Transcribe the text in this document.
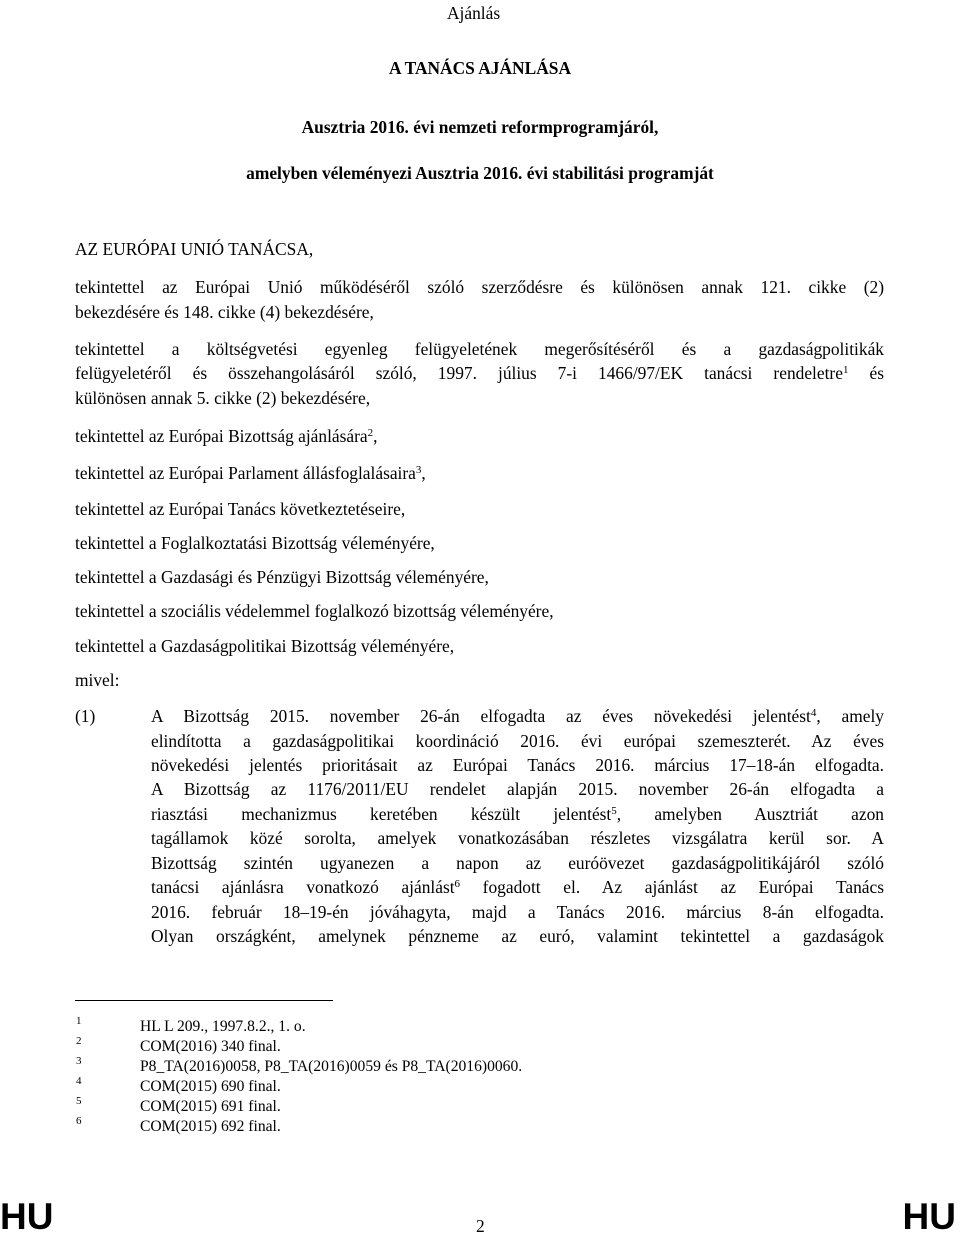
Ajánlás
A TANÁCS AJÁNLÁSA
Ausztria 2016. évi nemzeti reformprogramjáról,
amelyben véleményezi Ausztria 2016. évi stabilitási programját
AZ EURÓPAI UNIÓ TANÁCSA,
tekintettel az Európai Unió működéséről szóló szerződésre és különösen annak 121. cikke (2)
bekezdésére és 148. cikke (4) bekezdésére,
tekintettel a költségvetési egyenleg felügyeletének megerősítéséről és a gazdaságpolitikák
felügyeletéről és összehangolásáról szóló, 1997. július 7-i 1466/97/EK tanácsi rendeletre$^1$ és
különösen annak 5. cikke (2) bekezdésére,
tekintettel az Európai Bizottság ajánlására$^2$,
tekintettel az Európai Parlament állásfoglalásaira$^3$,
tekintettel az Európai Tanács következtetéseire,
tekintettel a Foglalkoztatási Bizottság véleményére,
tekintettel a Gazdasági és Pénzügyi Bizottság véleményére,
tekintettel a szociális védelemmel foglalkozó bizottság véleményére,
tekintettel a Gazdaságpolitikai Bizottság véleményére,
mivel:
(1)	A Bizottság 2015. november 26-án elfogadta az éves növekedési jelentést$^4$, amely
elindította a gazdaságpolitikai koordináció 2016. évi európai szemeszterét. Az éves
növekedési jelentés prioritásait az Európai Tanács 2016. március 17–18-án elfogadta.
A Bizottság az 1176/2011/EU rendelet alapján 2015. november 26-án elfogadta a
riasztási mechanizmus keretében készült jelentést$^5$, amelyben Ausztriát azon
tagállamok közé sorolta, amelyek vonatkozásában részletes vizsgálatra kerül sor. A
Bizottság szintén ugyanezen a napon az euróövezet gazdaságpolitikájáról szóló
tanácsi ajánlásra vonatkozó ajánlást$^6$ fogadott el. Az ajánlást az Európai Tanács
2016. február 18–19-én jóváhagyta, majd a Tanács 2016. március 8-án elfogadta.
Olyan országként, amelynek pénzneme az euró, valamint tekintettel a gazdaságok
1	HL L 209., 1997.8.2., 1. o.
2	COM(2016) 340 final.
3	P8_TA(2016)0058, P8_TA(2016)0059 és P8_TA(2016)0060.
4	COM(2015) 690 final.
5	COM(2015) 691 final.
6	COM(2015) 692 final.
HU	2	HU
